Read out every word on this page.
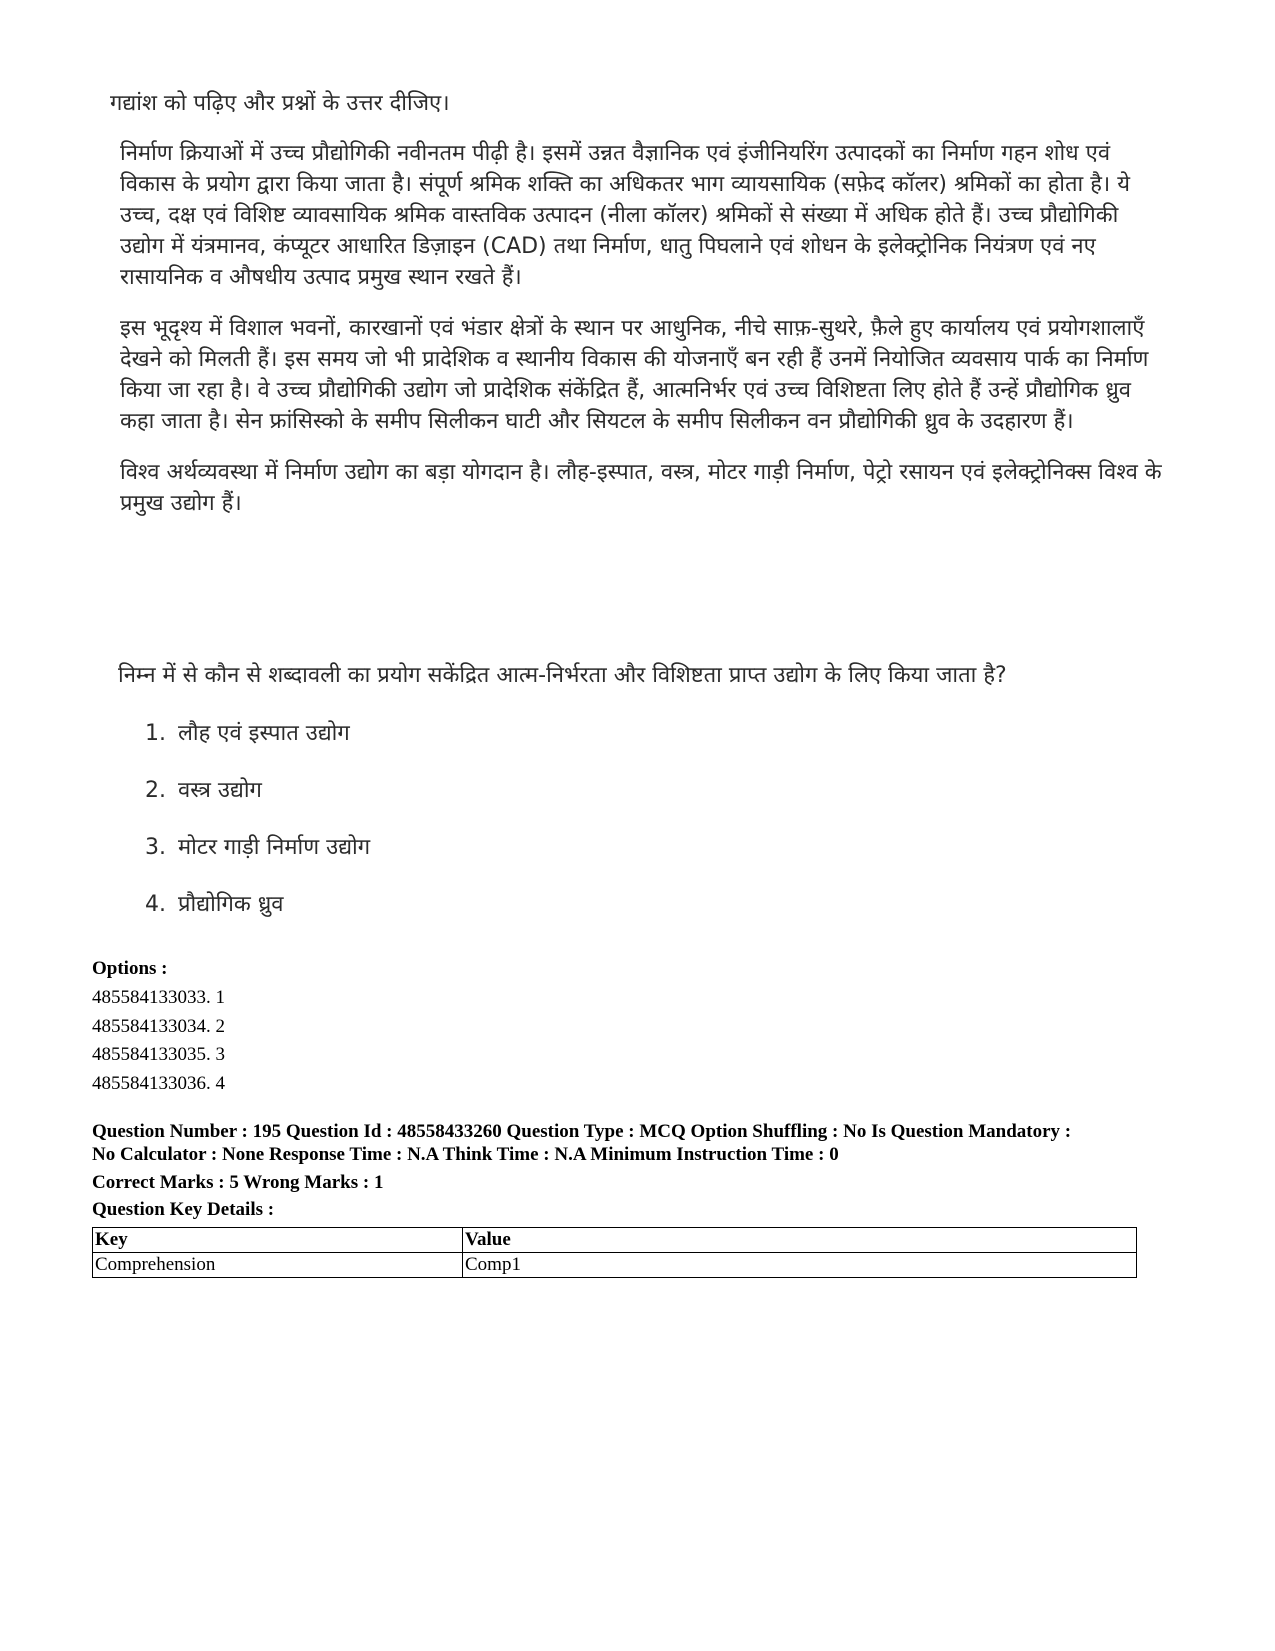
गद्यांश को पढ़िए और प्रश्नों के उत्तर दीजिए।
निर्माण क्रियाओं में उच्च प्रौद्योगिकी नवीनतम पीढ़ी है। इसमें उन्नत वैज्ञानिक एवं इंजीनियरिंग उत्पादकों का निर्माण गहन शोध एवं विकास के प्रयोग द्वारा किया जाता है। संपूर्ण श्रमिक शक्ति का अधिकतर भाग व्यायसायिक (सफ़ेद कॉलर) श्रमिकों का होता है। ये उच्च, दक्ष एवं विशिष्ट व्यावसायिक श्रमिक वास्तविक उत्पादन (नीला कॉलर) श्रमिकों से संख्या में अधिक होते हैं। उच्च प्रौद्योगिकी उद्योग में यंत्रमानव, कंप्यूटर आधारित डिज़ाइन (CAD) तथा निर्माण, धातु पिघलाने एवं शोधन के इलेक्ट्रोनिक नियंत्रण एवं नए रासायनिक व औषधीय उत्पाद प्रमुख स्थान रखते हैं।
इस भूदृश्य में विशाल भवनों, कारखानों एवं भंडार क्षेत्रों के स्थान पर आधुनिक, नीचे साफ़-सुथरे, फ़ैले हुए कार्यालय एवं प्रयोगशालाएँ देखने को मिलती हैं। इस समय जो भी प्रादेशिक व स्थानीय विकास की योजनाएँ बन रही हैं उनमें नियोजित व्यवसाय पार्क का निर्माण किया जा रहा है। वे उच्च प्रौद्योगिकी उद्योग जो प्रादेशिक संकेंद्रित हैं, आत्मनिर्भर एवं उच्च विशिष्टता लिए होते हैं उन्हें प्रौद्योगिक ध्रुव कहा जाता है। सेन फ्रांसिस्को के समीप सिलीकन घाटी और सियटल के समीप सिलीकन वन प्रौद्योगिकी ध्रुव के उदहारण हैं।
विश्व अर्थव्यवस्था में निर्माण उद्योग का बड़ा योगदान है। लौह-इस्पात, वस्त्र, मोटर गाड़ी निर्माण, पेट्रो रसायन एवं इलेक्ट्रोनिक्स विश्व के प्रमुख उद्योग हैं।
निम्न में से कौन से शब्दावली का प्रयोग सकेंद्रित आत्म-निर्भरता और विशिष्टता प्राप्त उद्योग के लिए किया जाता है?
1. लौह एवं इस्पात उद्योग
2. वस्त्र उद्योग
3. मोटर गाड़ी निर्माण उद्योग
4. प्रौद्योगिक ध्रुव
Options :
485584133033. 1
485584133034. 2
485584133035. 3
485584133036. 4
Question Number : 195 Question Id : 48558433260 Question Type : MCQ Option Shuffling : No Is Question Mandatory :
No Calculator : None Response Time : N.A Think Time : N.A Minimum Instruction Time : 0
Correct Marks : 5 Wrong Marks : 1
Question Key Details :
Key	Value
Comprehension	Comp1
